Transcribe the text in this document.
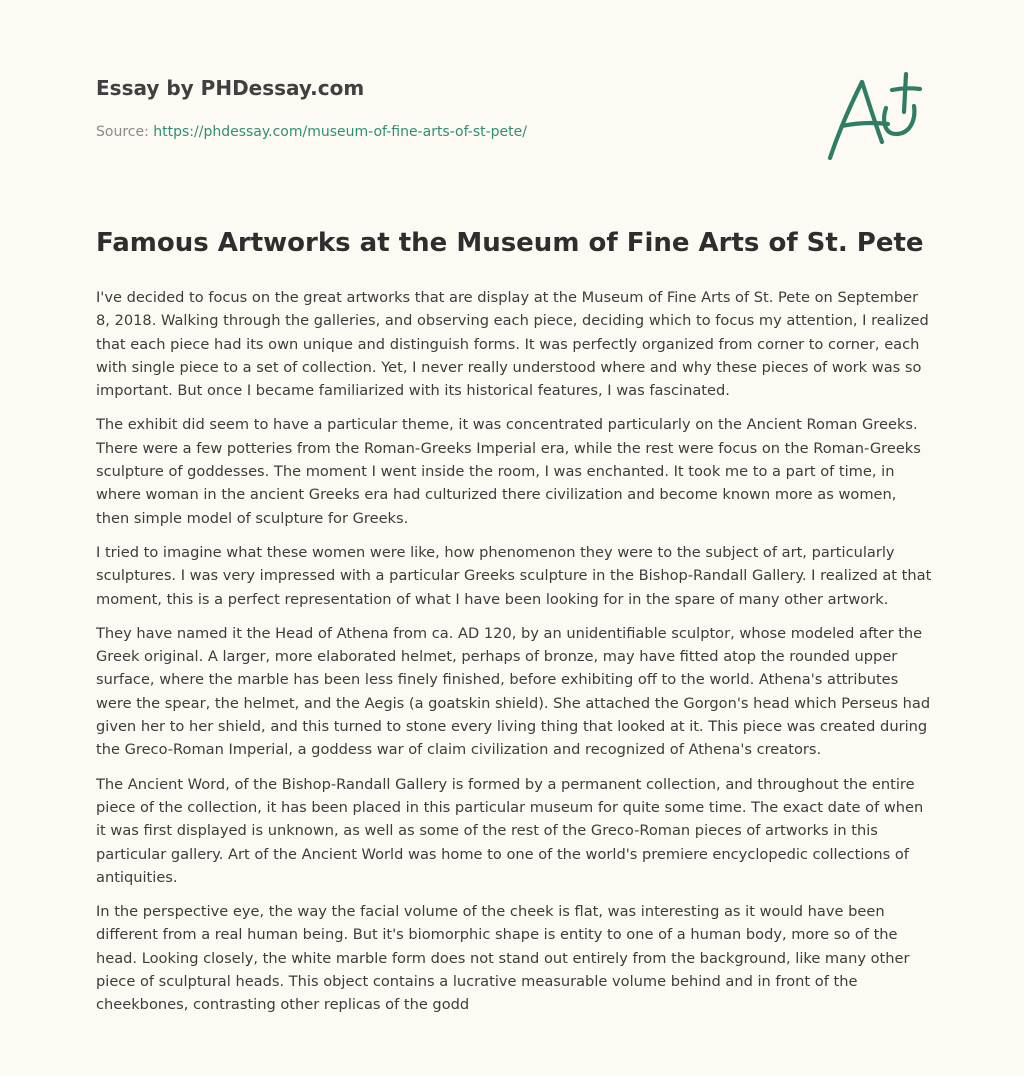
Essay by PHDessay.com
Source: https://phdessay.com/museum-of-fine-arts-of-st-pete/
Famous Artworks at the Museum of Fine Arts of St. Pete

I've decided to focus on the great artworks that are display at the Museum of Fine Arts of St. Pete on September 8, 2018. Walking through the galleries, and observing each piece, deciding which to focus my attention, I realized that each piece had its own unique and distinguish forms. It was perfectly organized from corner to corner, each with single piece to a set of collection. Yet, I never really understood where and why these pieces of work was so important. But once I became familiarized with its historical features, I was fascinated.

The exhibit did seem to have a particular theme, it was concentrated particularly on the Ancient Roman Greeks. There were a few potteries from the Roman-Greeks Imperial era, while the rest were focus on the Roman-Greeks sculpture of goddesses. The moment I went inside the room, I was enchanted. It took me to a part of time, in where woman in the ancient Greeks era had culturized there civilization and become known more as women, then simple model of sculpture for Greeks.

I tried to imagine what these women were like, how phenomenon they were to the subject of art, particularly sculptures. I was very impressed with a particular Greeks sculpture in the Bishop-Randall Gallery. I realized at that moment, this is a perfect representation of what I have been looking for in the spare of many other artwork.

They have named it the Head of Athena from ca. AD 120, by an unidentifiable sculptor, whose modeled after the Greek original. A larger, more elaborated helmet, perhaps of bronze, may have fitted atop the rounded upper surface, where the marble has been less finely finished, before exhibiting off to the world. Athena's attributes were the spear, the helmet, and the Aegis (a goatskin shield). She attached the Gorgon's head which Perseus had given her to her shield, and this turned to stone every living thing that looked at it. This piece was created during the Greco-Roman Imperial, a goddess war of claim civilization and recognized of Athena's creators.

The Ancient Word, of the Bishop-Randall Gallery is formed by a permanent collection, and throughout the entire piece of the collection, it has been placed in this particular museum for quite some time. The exact date of when it was first displayed is unknown, as well as some of the rest of the Greco-Roman pieces of artworks in this particular gallery. Art of the Ancient World was home to one of the world's premiere encyclopedic collections of antiquities.

In the perspective eye, the way the facial volume of the cheek is flat, was interesting as it would have been different from a real human being. But it's biomorphic shape is entity to one of a human body, more so of the head. Looking closely, the white marble form does not stand out entirely from the background, like many other piece of sculptural heads. This object contains a lucrative measurable volume behind and in front of the cheekbones, contrasting other replicas of the godd
